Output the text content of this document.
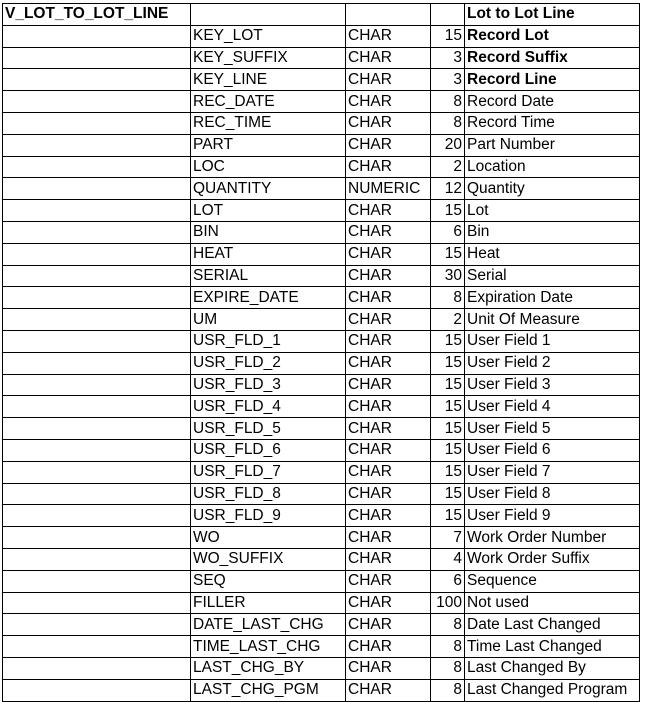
V_LOT_TO_LOT_LINE				Lot to Lot Line
	KEY_LOT	CHAR	15	Record Lot
	KEY_SUFFIX	CHAR	3	Record Suffix
	KEY_LINE	CHAR	3	Record Line
	REC_DATE	CHAR	8	Record Date
	REC_TIME	CHAR	8	Record Time
	PART	CHAR	20	Part Number
	LOC	CHAR	2	Location
	QUANTITY	NUMERIC	12	Quantity
	LOT	CHAR	15	Lot
	BIN	CHAR	6	Bin
	HEAT	CHAR	15	Heat
	SERIAL	CHAR	30	Serial
	EXPIRE_DATE	CHAR	8	Expiration Date
	UM	CHAR	2	Unit Of Measure
	USR_FLD_1	CHAR	15	User Field 1
	USR_FLD_2	CHAR	15	User Field 2
	USR_FLD_3	CHAR	15	User Field 3
	USR_FLD_4	CHAR	15	User Field 4
	USR_FLD_5	CHAR	15	User Field 5
	USR_FLD_6	CHAR	15	User Field 6
	USR_FLD_7	CHAR	15	User Field 7
	USR_FLD_8	CHAR	15	User Field 8
	USR_FLD_9	CHAR	15	User Field 9
	WO	CHAR	7	Work Order Number
	WO_SUFFIX	CHAR	4	Work Order Suffix
	SEQ	CHAR	6	Sequence
	FILLER	CHAR	100	Not used
	DATE_LAST_CHG	CHAR	8	Date Last Changed
	TIME_LAST_CHG	CHAR	8	Time Last Changed
	LAST_CHG_BY	CHAR	8	Last Changed By
	LAST_CHG_PGM	CHAR	8	Last Changed Program
